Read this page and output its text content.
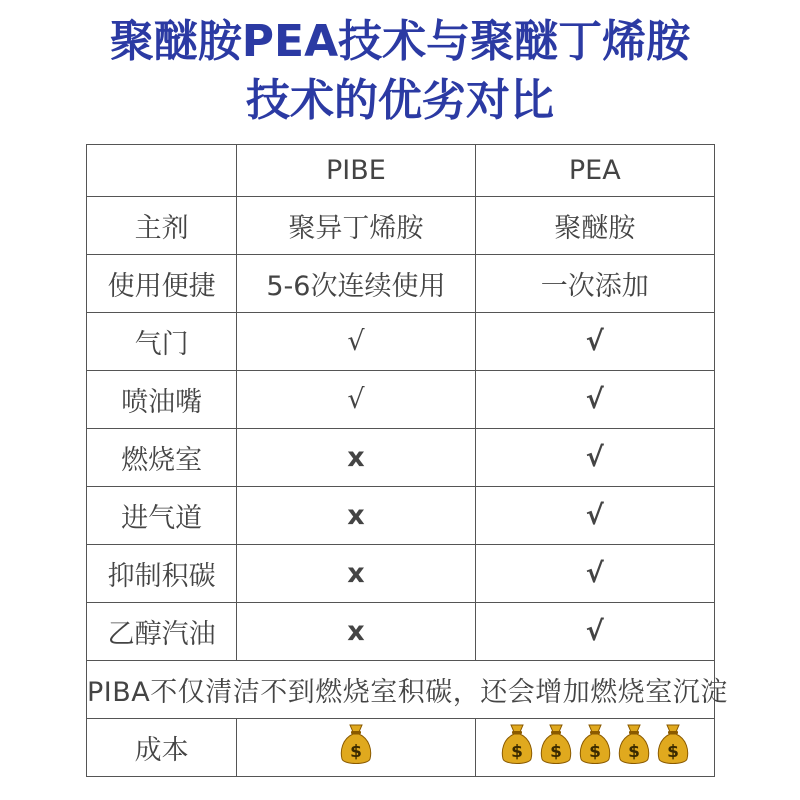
聚醚胺PEA技术与聚醚丁烯胺
技术的优劣对比
	PIBE	PEA
主剂	聚异丁烯胺	聚醚胺
使用便捷	5-6次连续使用	一次添加
气门	√	√
喷油嘴	√	√
燃烧室	x	√
进气道	x	√
抑制积碳	x	√
乙醇汽油	x	√
PIBA不仅清洁不到燃烧室积碳，还会增加燃烧室沉淀		
成本	$	$ $ $ $ $
